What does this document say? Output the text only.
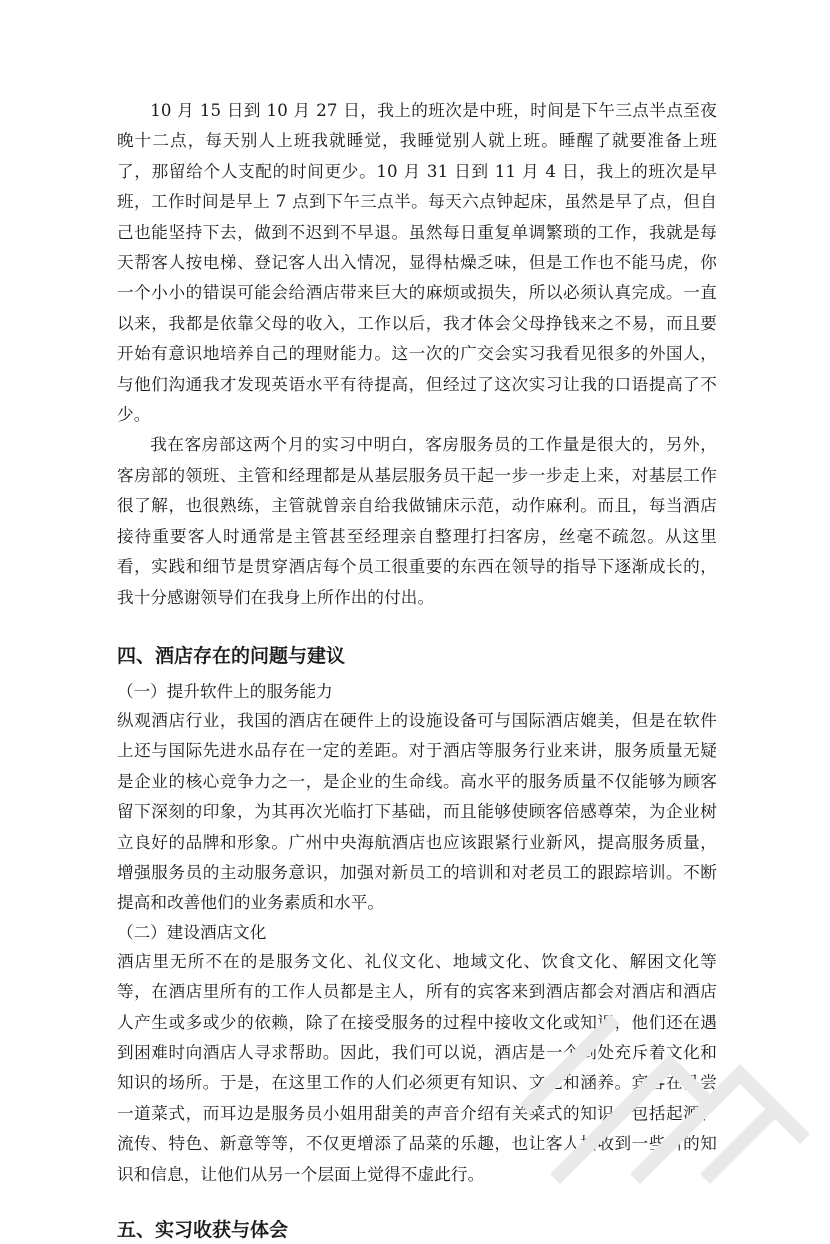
10 月 15 日到 10 月 27 日，我上的班次是中班，时间是下午三点半点至夜晚十二点，每天别人上班我就睡觉，我睡觉别人就上班。睡醒了就要准备上班了，那留给个人支配的时间更少。10 月 31 日到 11 月 4 日，我上的班次是早班，工作时间是早上 7 点到下午三点半。每天六点钟起床，虽然是早了点，但自己也能坚持下去，做到不迟到不早退。虽然每日重复单调繁琐的工作，我就是每天帮客人按电梯、登记客人出入情况，显得枯燥乏味，但是工作也不能马虎，你一个小小的错误可能会给酒店带来巨大的麻烦或损失，所以必须认真完成。一直以来，我都是依靠父母的收入，工作以后，我才体会父母挣钱来之不易，而且要开始有意识地培养自己的理财能力。这一次的广交会实习我看见很多的外国人，与他们沟通我才发现英语水平有待提高，但经过了这次实习让我的口语提高了不少。

我在客房部这两个月的实习中明白，客房服务员的工作量是很大的，另外，客房部的领班、主管和经理都是从基层服务员干起一步一步走上来，对基层工作很了解，也很熟练，主管就曾亲自给我做铺床示范，动作麻利。而且，每当酒店接待重要客人时通常是主管甚至经理亲自整理打扫客房，丝毫不疏忽。从这里看，实践和细节是贯穿酒店每个员工很重要的东西在领导的指导下逐渐成长的，我十分感谢领导们在我身上所作出的付出。

四、酒店存在的问题与建议

（一）提升软件上的服务能力

纵观酒店行业，我国的酒店在硬件上的设施设备可与国际酒店媲美，但是在软件上还与国际先进水品存在一定的差距。对于酒店等服务行业来讲，服务质量无疑是企业的核心竞争力之一，是企业的生命线。高水平的服务质量不仅能够为顾客留下深刻的印象，为其再次光临打下基础，而且能够使顾客倍感尊荣，为企业树立良好的品牌和形象。广州中央海航酒店也应该跟紧行业新风，提高服务质量，增强服务员的主动服务意识，加强对新员工的培训和对老员工的跟踪培训。不断提高和改善他们的业务素质和水平。

（二）建设酒店文化

酒店里无所不在的是服务文化、礼仪文化、地域文化、饮食文化、解困文化等等，在酒店里所有的工作人员都是主人，所有的宾客来到酒店都会对酒店和酒店人产生或多或少的依赖，除了在接受服务的过程中接收文化或知识，他们还在遇到困难时向酒店人寻求帮助。因此，我们可以说，酒店是一个到处充斥着文化和知识的场所。于是，在这里工作的人们必须更有知识、文化和涵养。宾客在品尝一道菜式，而耳边是服务员小姐用甜美的声音介绍有关菜式的知识，包括起源、流传、特色、新意等等，不仅更增添了品菜的乐趣，也让客人接收到一些新的知识和信息，让他们从另一个层面上觉得不虚此行。

五、实习收获与体会
